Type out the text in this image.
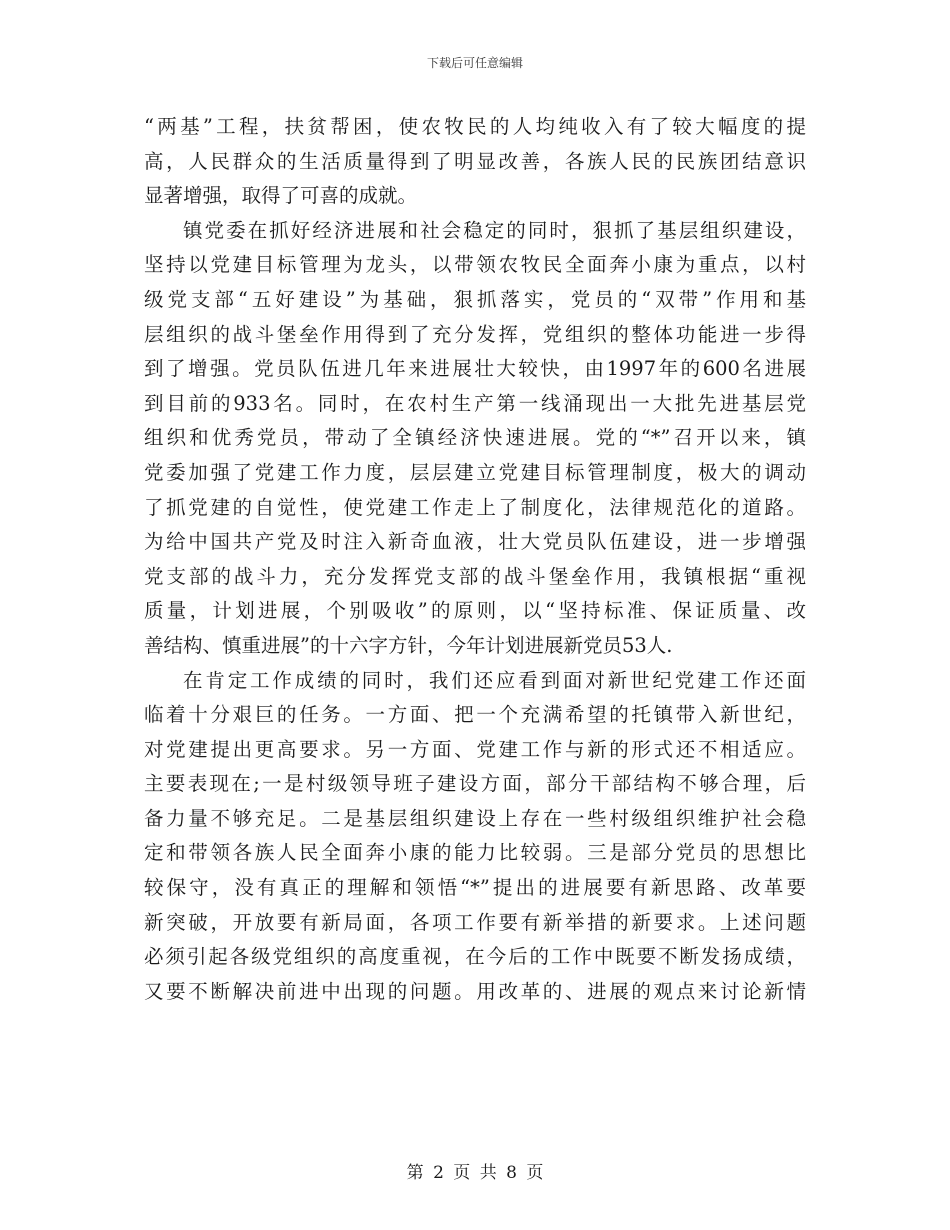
下载后可任意编辑
“两基”工程，扶贫帮困，使农牧民的人均纯收入有了较大幅度的提
高，人民群众的生活质量得到了明显改善，各族人民的民族团结意识
显著增强，取得了可喜的成就。
镇党委在抓好经济进展和社会稳定的同时，狠抓了基层组织建设，
坚持以党建目标管理为龙头，以带领农牧民全面奔小康为重点，以村
级党支部“五好建设”为基础，狠抓落实，党员的“双带”作用和基
层组织的战斗堡垒作用得到了充分发挥，党组织的整体功能进一步得
到了增强。党员队伍进几年来进展壮大较快，由1997年的600名进展
到目前的933名。同时，在农村生产第一线涌现出一大批先进基层党
组织和优秀党员，带动了全镇经济快速进展。党的“*”召开以来，镇
党委加强了党建工作力度，层层建立党建目标管理制度，极大的调动
了抓党建的自觉性，使党建工作走上了制度化，法律规范化的道路。
为给中国共产党及时注入新奇血液，壮大党员队伍建设，进一步增强
党支部的战斗力，充分发挥党支部的战斗堡垒作用，我镇根据“重视
质量，计划进展，个别吸收”的原则，以“坚持标准、保证质量、改
善结构、慎重进展”的十六字方针，今年计划进展新党员53人.
在肯定工作成绩的同时，我们还应看到面对新世纪党建工作还面
临着十分艰巨的任务。一方面、把一个充满希望的托镇带入新世纪，
对党建提出更高要求。另一方面、党建工作与新的形式还不相适应。
主要表现在;一是村级领导班子建设方面，部分干部结构不够合理，后
备力量不够充足。二是基层组织建设上存在一些村级组织维护社会稳
定和带领各族人民全面奔小康的能力比较弱。三是部分党员的思想比
较保守，没有真正的理解和领悟“*”提出的进展要有新思路、改革要
新突破，开放要有新局面，各项工作要有新举措的新要求。上述问题
必须引起各级党组织的高度重视，在今后的工作中既要不断发扬成绩，
又要不断解决前进中出现的问题。用改革的、进展的观点来讨论新情
第 2 页 共 8 页
